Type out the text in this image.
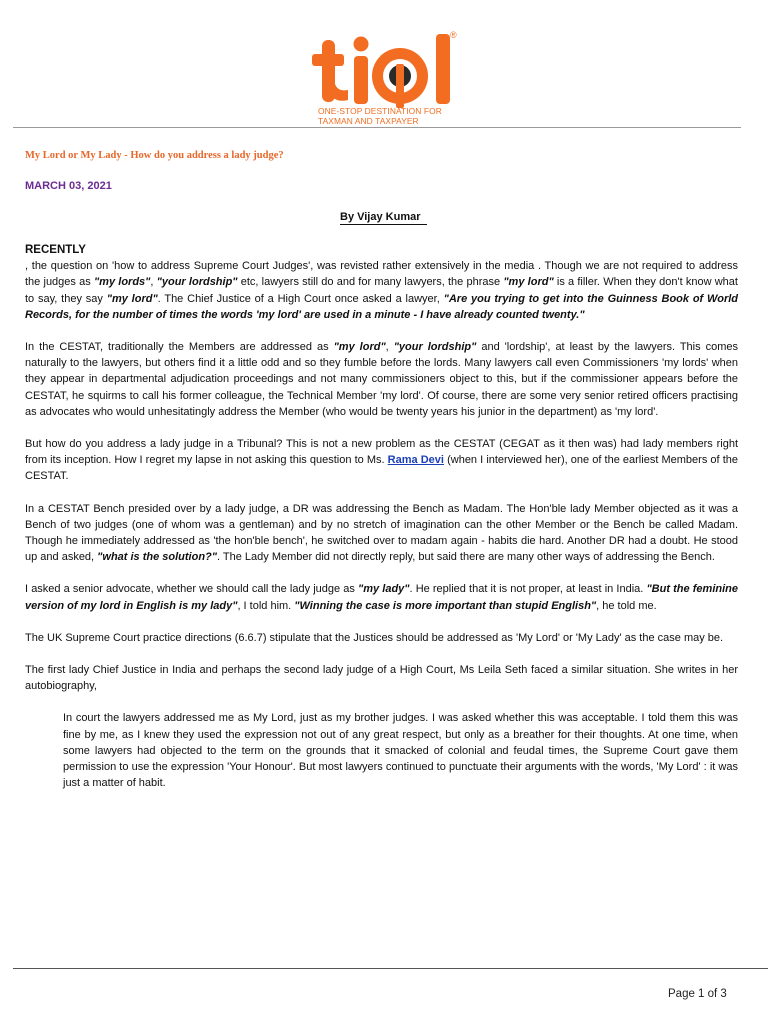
®
ONE-STOP DESTINATION FOR
TAXMAN AND TAXPAYER
My Lord or My Lady - How do you address a lady judge?
MARCH 03, 2021
By Vijay Kumar

RECENTLY

, the question on 'how to address Supreme Court Judges', was revisted rather extensively in the media . Though we are not required to address the judges as "my lords", "your lordship" etc, lawyers still do and for many lawyers, the phrase "my lord" is a filler. When they don't know what to say, they say "my lord". The Chief Justice of a High Court once asked a lawyer, "Are you trying to get into the Guinness Book of World Records, for the number of times the words 'my lord' are used in a minute - I have already counted twenty."

In the CESTAT, traditionally the Members are addressed as "my lord", "your lordship" and 'lordship', at least by the lawyers. This comes naturally to the lawyers, but others find it a little odd and so they fumble before the lords. Many lawyers call even Commissioners 'my lords' when they appear in departmental adjudication proceedings and not many commissioners object to this, but if the commissioner appears before the CESTAT, he squirms to call his former colleague, the Technical Member 'my lord'. Of course, there are some very senior retired officers practising as advocates who would unhesitatingly address the Member (who would be twenty years his junior in the department) as 'my lord'.

But how do you address a lady judge in a Tribunal? This is not a new problem as the CESTAT (CEGAT as it then was) had lady members right from its inception. How I regret my lapse in not asking this question to Ms. Rama Devi (when I interviewed her), one of the earliest Members of the CESTAT.

In a CESTAT Bench presided over by a lady judge, a DR was addressing the Bench as Madam. The Hon'ble lady Member objected as it was a Bench of two judges (one of whom was a gentleman) and by no stretch of imagination can the other Member or the Bench be called Madam. Though he immediately addressed as 'the hon'ble bench', he switched over to madam again - habits die hard. Another DR had a doubt. He stood up and asked, "what is the solution?". The Lady Member did not directly reply, but said there are many other ways of addressing the Bench.

I asked a senior advocate, whether we should call the lady judge as "my lady". He replied that it is not proper, at least in India. "But the feminine version of my lord in English is my lady", I told him. "Winning the case is more important than stupid English", he told me.

The UK Supreme Court practice directions (6.6.7) stipulate that the Justices should be addressed as 'My Lord' or 'My Lady' as the case may be.

The first lady Chief Justice in India and perhaps the second lady judge of a High Court, Ms Leila Seth faced a similar situation. She writes in her autobiography,

In court the lawyers addressed me as My Lord, just as my brother judges. I was asked whether this was acceptable. I told them this was fine by me, as I knew they used the expression not out of any great respect, but only as a breather for their thoughts. At one time, when some lawyers had objected to the term on the grounds that it smacked of colonial and feudal times, the Supreme Court gave them permission to use the expression 'Your Honour'. But most lawyers continued to punctuate their arguments with the words, 'My Lord' : it was just a matter of habit.

Page 1 of 3
